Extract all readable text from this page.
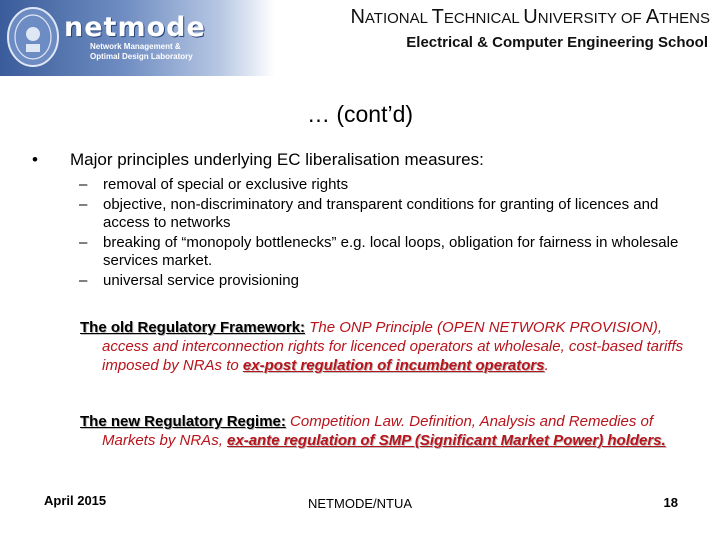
netmode
Network Management &
Optimal Design Laboratory
NATIONAL TECHNICAL UNIVERSITY OF ATHENS
Electrical & Computer Engineering School
… (cont’d)
• Major principles underlying EC liberalisation measures:
– removal of special or exclusive rights
– objective, non-discriminatory and transparent conditions for granting of licences and access to networks
– breaking of “monopoly bottlenecks” e.g. local loops, obligation for fairness in wholesale services market.
– universal service provisioning
The old Regulatory Framework: The ONP Principle (OPEN NETWORK PROVISION), access and interconnection rights for licenced operators at wholesale, cost-based tariffs imposed by NRAs to ex-post regulation of incumbent operators.
The new Regulatory Regime: Competition Law. Definition, Analysis and Remedies of Markets by NRAs, ex-ante regulation of SMP (Significant Market Power) holders.
April 2015	NETMODE/NTUA	18
